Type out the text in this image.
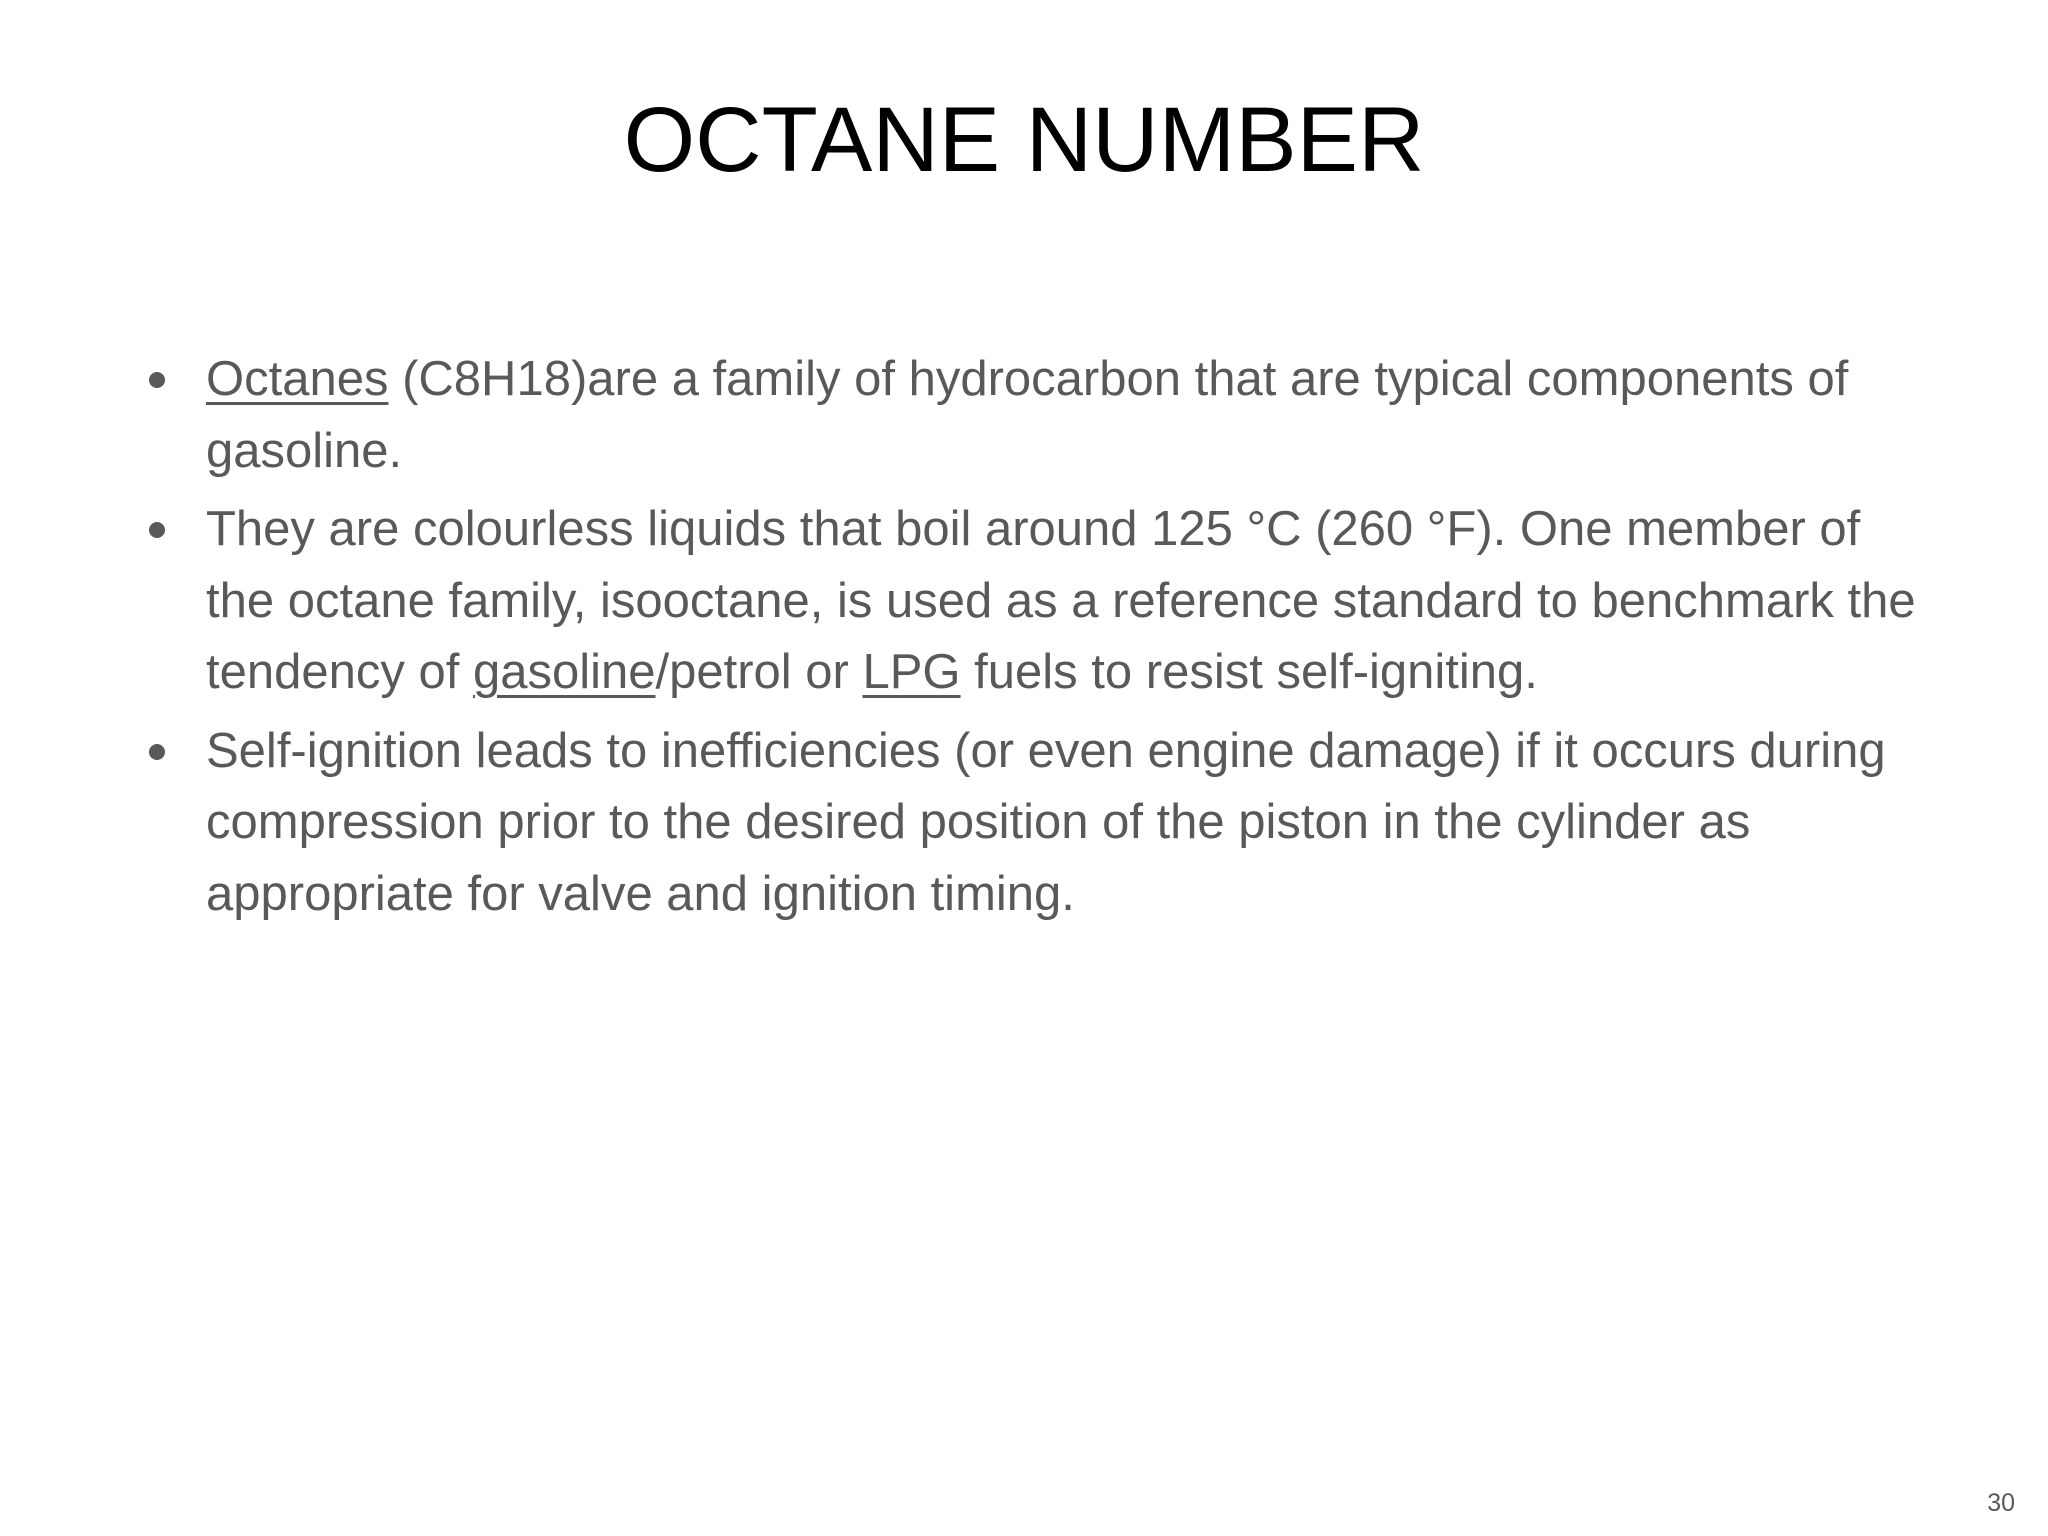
OCTANE NUMBER
Octanes (C8H18)are a family of hydrocarbon that are typical components of gasoline.
They are colourless liquids that boil around 125 °C (260 °F). One member of the octane family, isooctane, is used as a reference standard to benchmark the tendency of gasoline/petrol or LPG fuels to resist self-igniting.
Self-ignition leads to inefficiencies (or even engine damage) if it occurs during compression prior to the desired position of the piston in the cylinder as appropriate for valve and ignition timing.
30
